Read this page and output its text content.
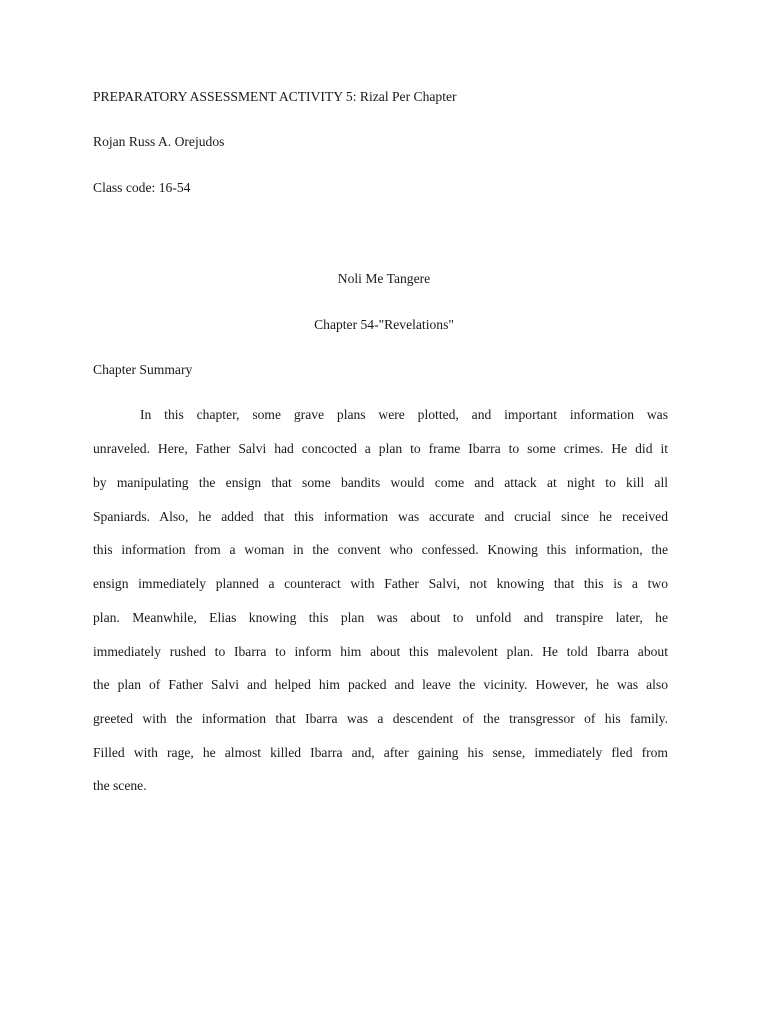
PREPARATORY ASSESSMENT ACTIVITY 5: Rizal Per Chapter
Rojan Russ A. Orejudos
Class code: 16-54
Noli Me Tangere
Chapter 54-"Revelations"
Chapter Summary
In this chapter, some grave plans were plotted, and important information was
unraveled. Here, Father Salvi had concocted a plan to frame Ibarra to some crimes. He did it
by manipulating the ensign that some bandits would come and attack at night to kill all
Spaniards. Also, he added that this information was accurate and crucial since he received
this information from a woman in the convent who confessed. Knowing this information, the
ensign immediately planned a counteract with Father Salvi, not knowing that this is a two
plan. Meanwhile, Elias knowing this plan was about to unfold and transpire later, he
immediately rushed to Ibarra to inform him about this malevolent plan. He told Ibarra about
the plan of Father Salvi and helped him packed and leave the vicinity. However, he was also
greeted with the information that Ibarra was a descendent of the transgressor of his family.
Filled with rage, he almost killed Ibarra and, after gaining his sense, immediately fled from
the scene.
